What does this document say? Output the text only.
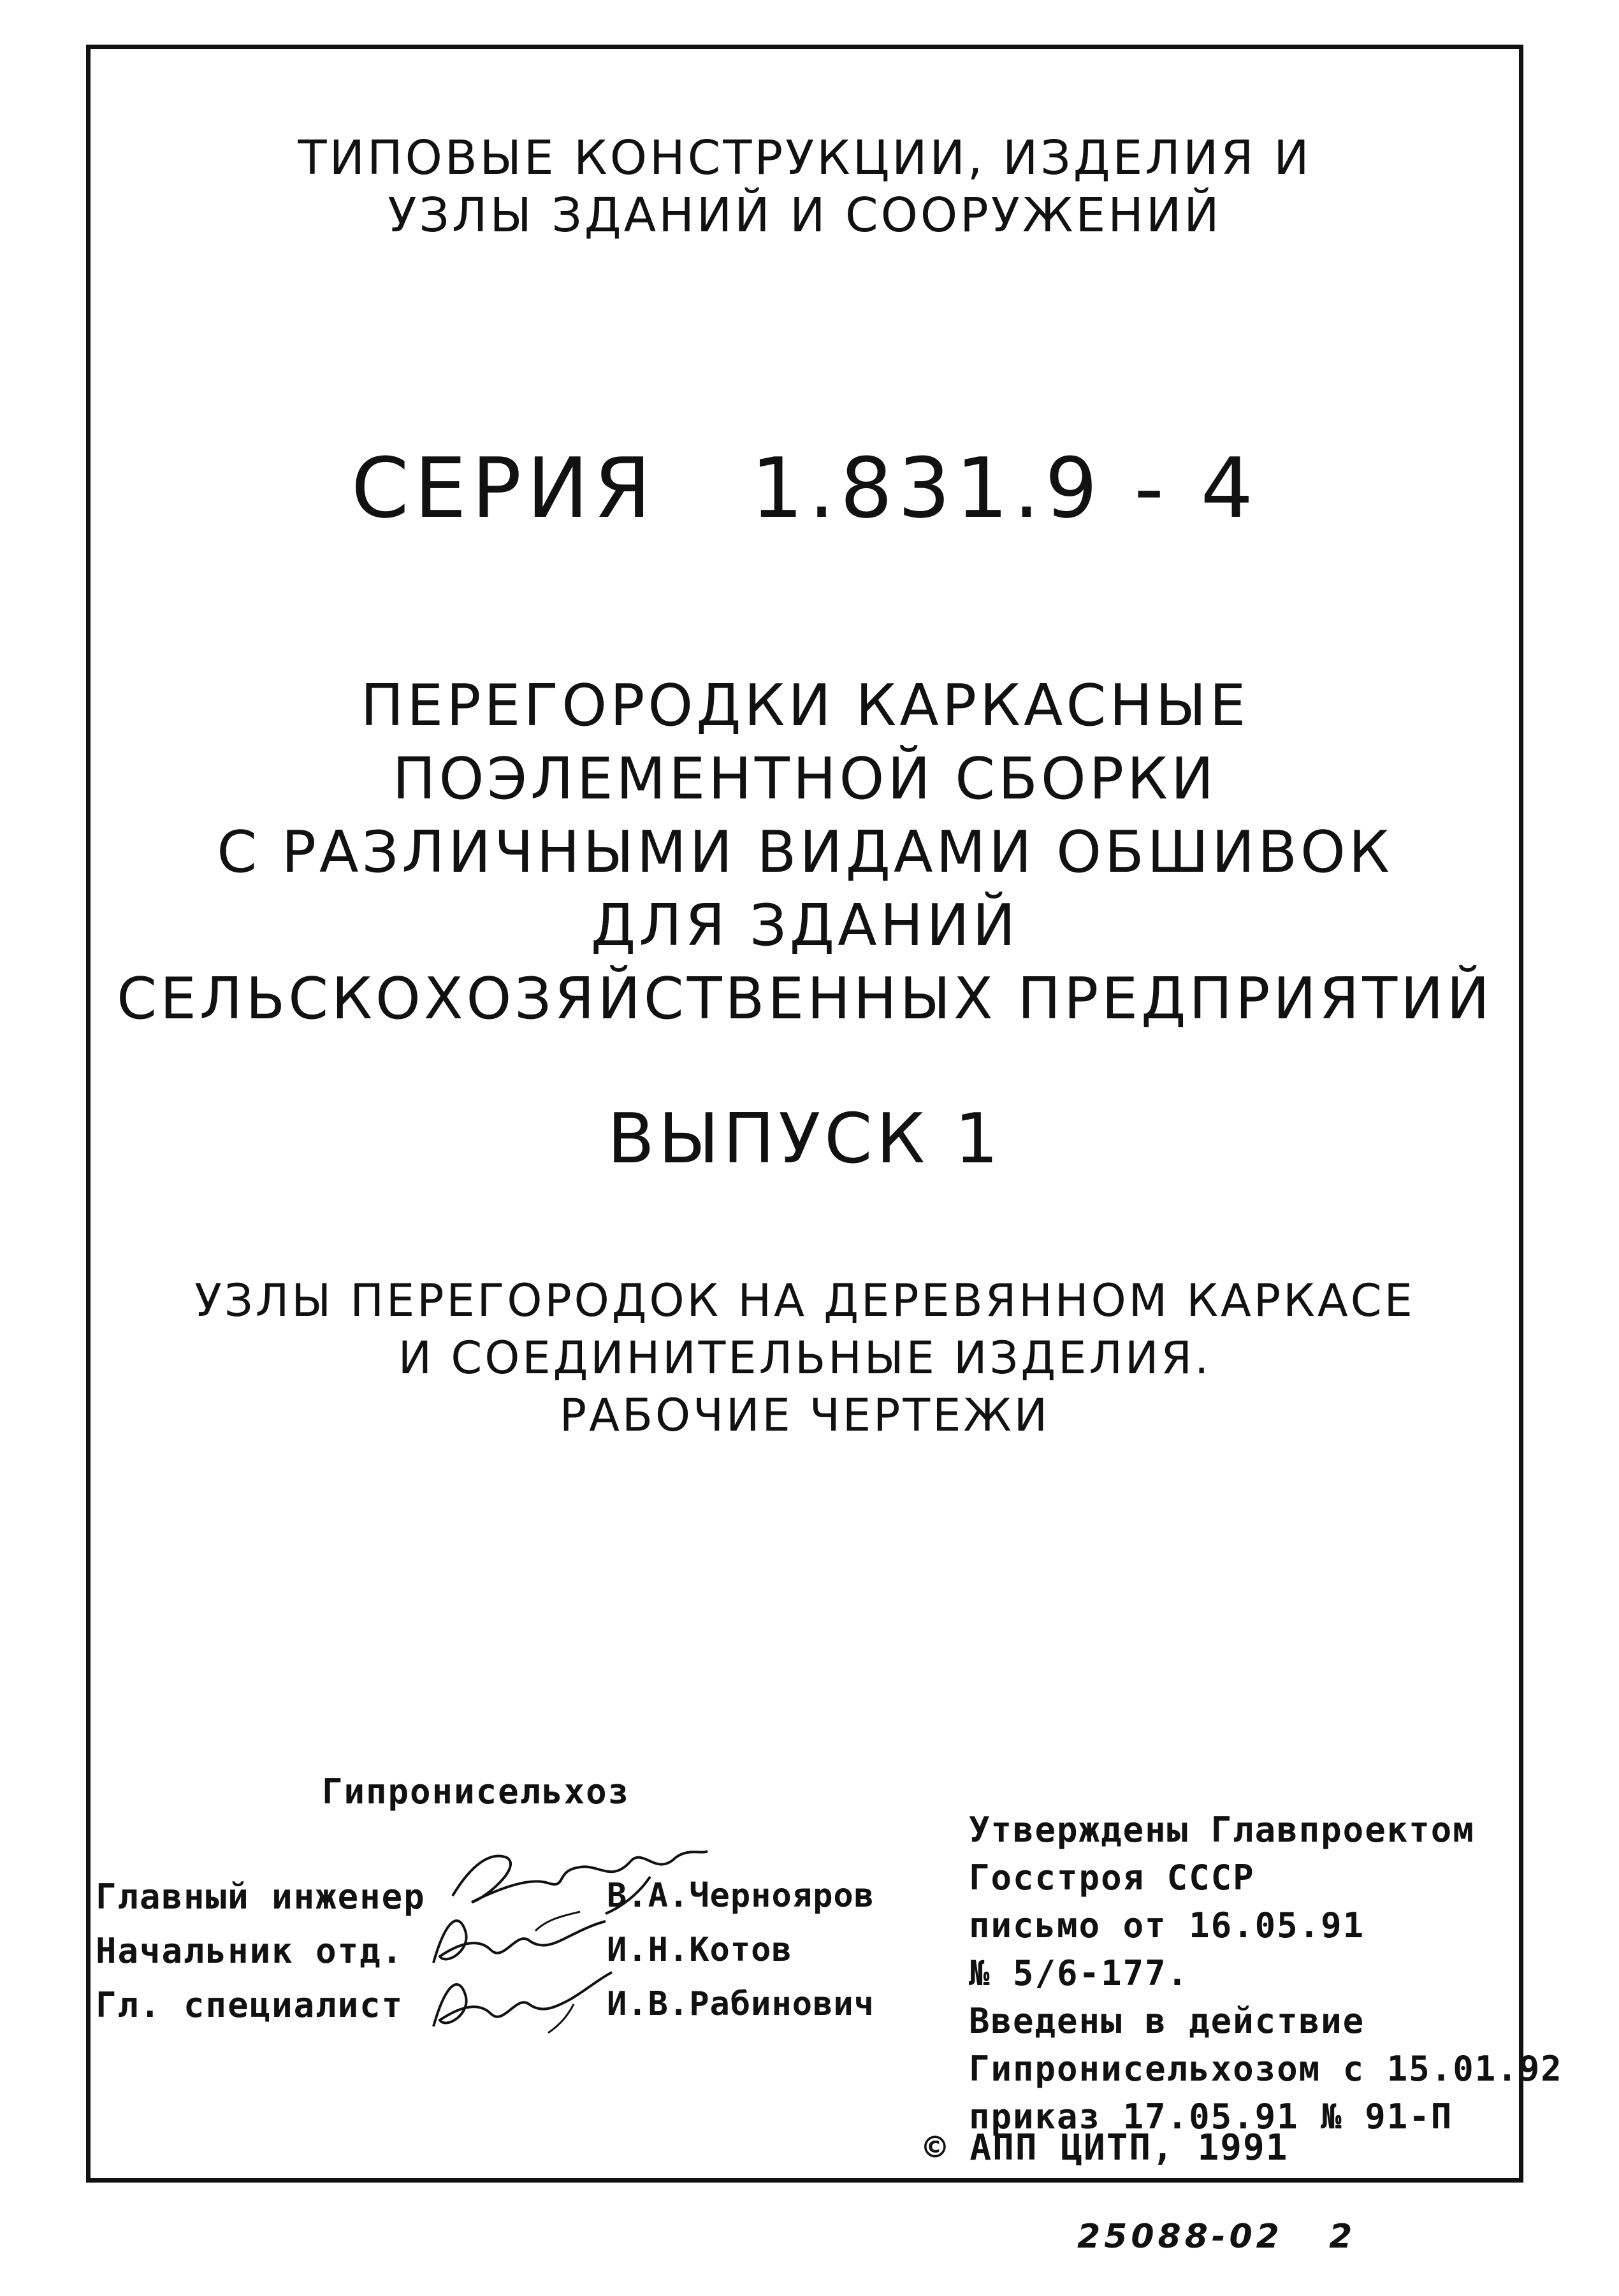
ТИПОВЫЕ КОНСТРУКЦИИ, ИЗДЕЛИЯ И
УЗЛЫ ЗДАНИЙ И СООРУЖЕНИЙ
СЕРИЯ   1.831.9 - 4
ПЕРЕГОРОДКИ КАРКАСНЫЕ
ПОЭЛЕМЕНТНОЙ СБОРКИ
С РАЗЛИЧНЫМИ ВИДАМИ ОБШИВОК
ДЛЯ ЗДАНИЙ
СЕЛЬСКОХОЗЯЙСТВЕННЫХ ПРЕДПРИЯТИЙ
ВЫПУСК 1
УЗЛЫ ПЕРЕГОРОДОК НА ДЕРЕВЯННОМ КАРКАСЕ
И СОЕДИНИТЕЛЬНЫЕ ИЗДЕЛИЯ.
РАБОЧИЕ ЧЕРТЕЖИ
Гипронисельхоз
Главный инженер	В.А.Чернояров
Начальник отд.	И.Н.Котов
Гл. специалист	И.В.Рабинович
Утверждены Главпроектом
Госстроя СССР
письмо от 16.05.91
№ 5/6-177.
Введены в действие
Гипронисельхозом с 15.01.92
приказ 17.05.91 № 91-П
© АПП ЦИТП, 1991
25088-02   2
